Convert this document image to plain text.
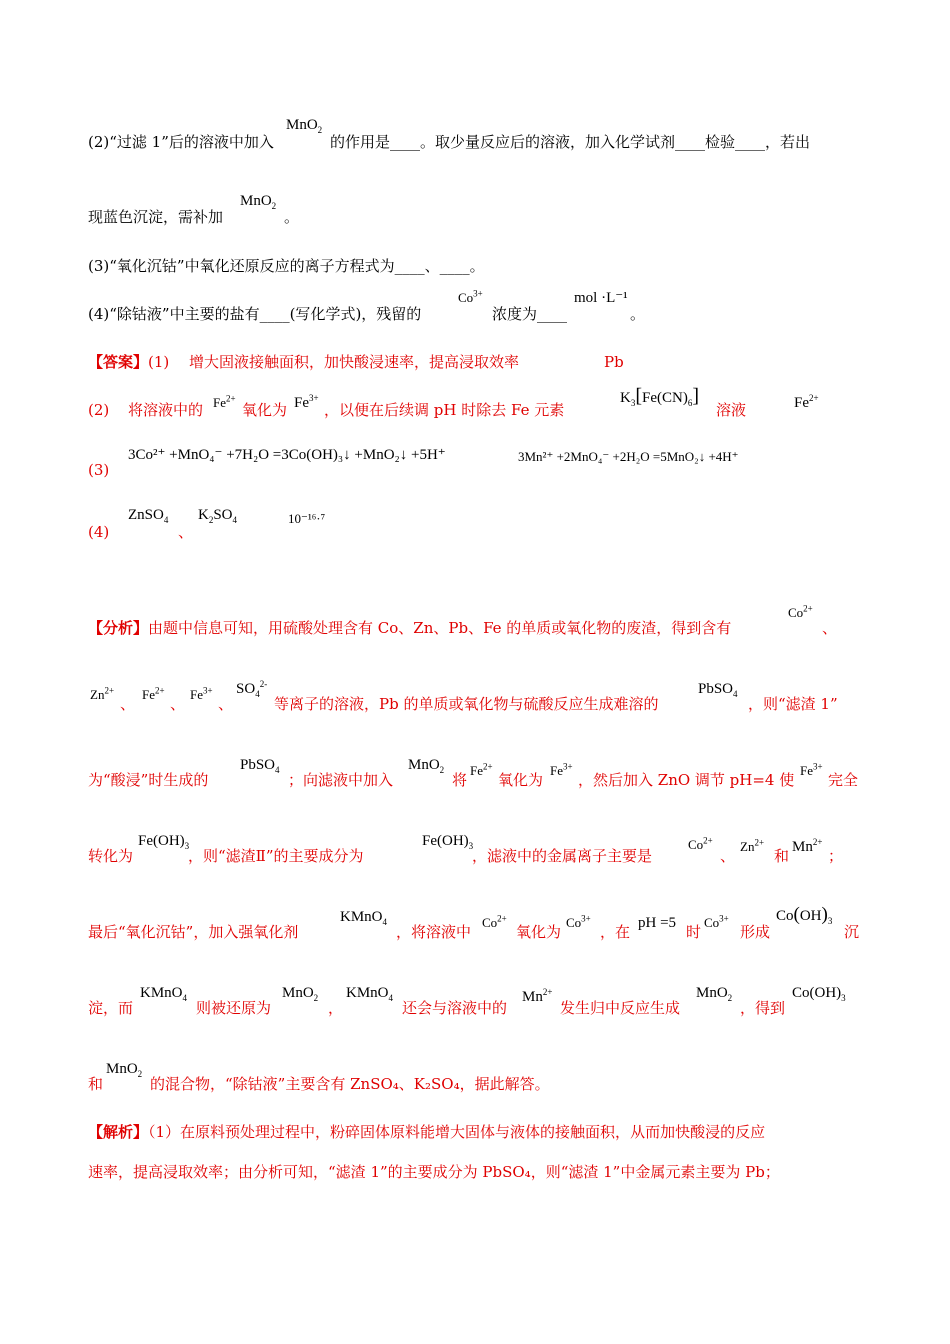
(2)“过滤 1”后的溶液中加入
MnO$_2$
的作用是____。取少量反应后的溶液，加入化学试剂____检验____，若出
现蓝色沉淀，需补加
MnO$_2$
。
(3)“氧化沉钴”中氧化还原反应的离子方程式为____、____。
(4)“除钴液”中主要的盐有____(写化学式)，残留的
$Co^{3+}$
浓度为____
mol ·L⁻¹
。
【答案】(1)　 增大固液接触面积，加快酸浸速率，提高浸取效率	Pb
(2) 将溶液中的 $Fe^{2+}$
氧化为 $Fe^{3+}$
，以便在后续调 pH 时除去 Fe 元素
$K_3[Fe(CN)_6]$
溶液	$Fe^{2+}$
(3)
3Co²⁺ +MnO₄⁻ +7H₂O =3Co(OH)₃↓ +MnO₂↓ +5H⁺	3Mn²⁺ +2MnO₄⁻ +2H₂O =5MnO₂↓ +4H⁺
(4)
ZnSO$_4$
、
$K_2SO_4$	10⁻¹⁶·⁷
【分析】由题中信息可知，用硫酸处理含有 Co、Zn、Pb、Fe 的单质或氧化物的废渣，得到含有
$Co^{2+}$
、
$Zn^{2+}$
、
$Fe^{2+}$
、
$Fe^{3+}$
、
$SO_4^{2-}$
等离子的溶液，Pb 的单质或氧化物与硫酸反应生成难溶的
PbSO$_4$
，则“滤渣 1”
为“酸浸”时生成的
PbSO$_4$
；向滤液中加入
MnO$_2$
将
$Fe^{2+}$
氧化为
$Fe^{3+}$
，然后加入 ZnO 调节 pH=4 使
$Fe^{3+}$
完全
转化为
$Fe(OH)_3$
，则“滤渣Ⅱ”的主要成分为
$Fe(OH)_3$
，滤液中的金属离子主要是
$Co^{2+}$
、
$Zn^{2+}$
和 $Mn^{2+}$
；
最后“氧化沉钴”，加入强氧化剂
KMnO$_4$
，将溶液中
$Co^{2+}$
氧化为
$Co^{3+}$
，在 pH =5 时
$Co^{3+}$
形成
$Co(OH)_3$
沉
淀，而
KMnO$_4$
则被还原为
MnO$_2$
，
KMnO$_4$
还会与溶液中的
$Mn^{2+}$
发生归中反应生成
MnO$_2$
，得到
$Co(OH)_3$
和
MnO$_2$
的混合物，“除钴液”主要含有 ZnSO₄、K₂SO₄，据此解答。
【解析】（1）在原料预处理过程中，粉碎固体原料能增大固体与液体的接触面积，从而加快酸浸的反应
速率，提高浸取效率；由分析可知，“滤渣 1”的主要成分为 PbSO₄，则“滤渣 1”中金属元素主要为 Pb；
